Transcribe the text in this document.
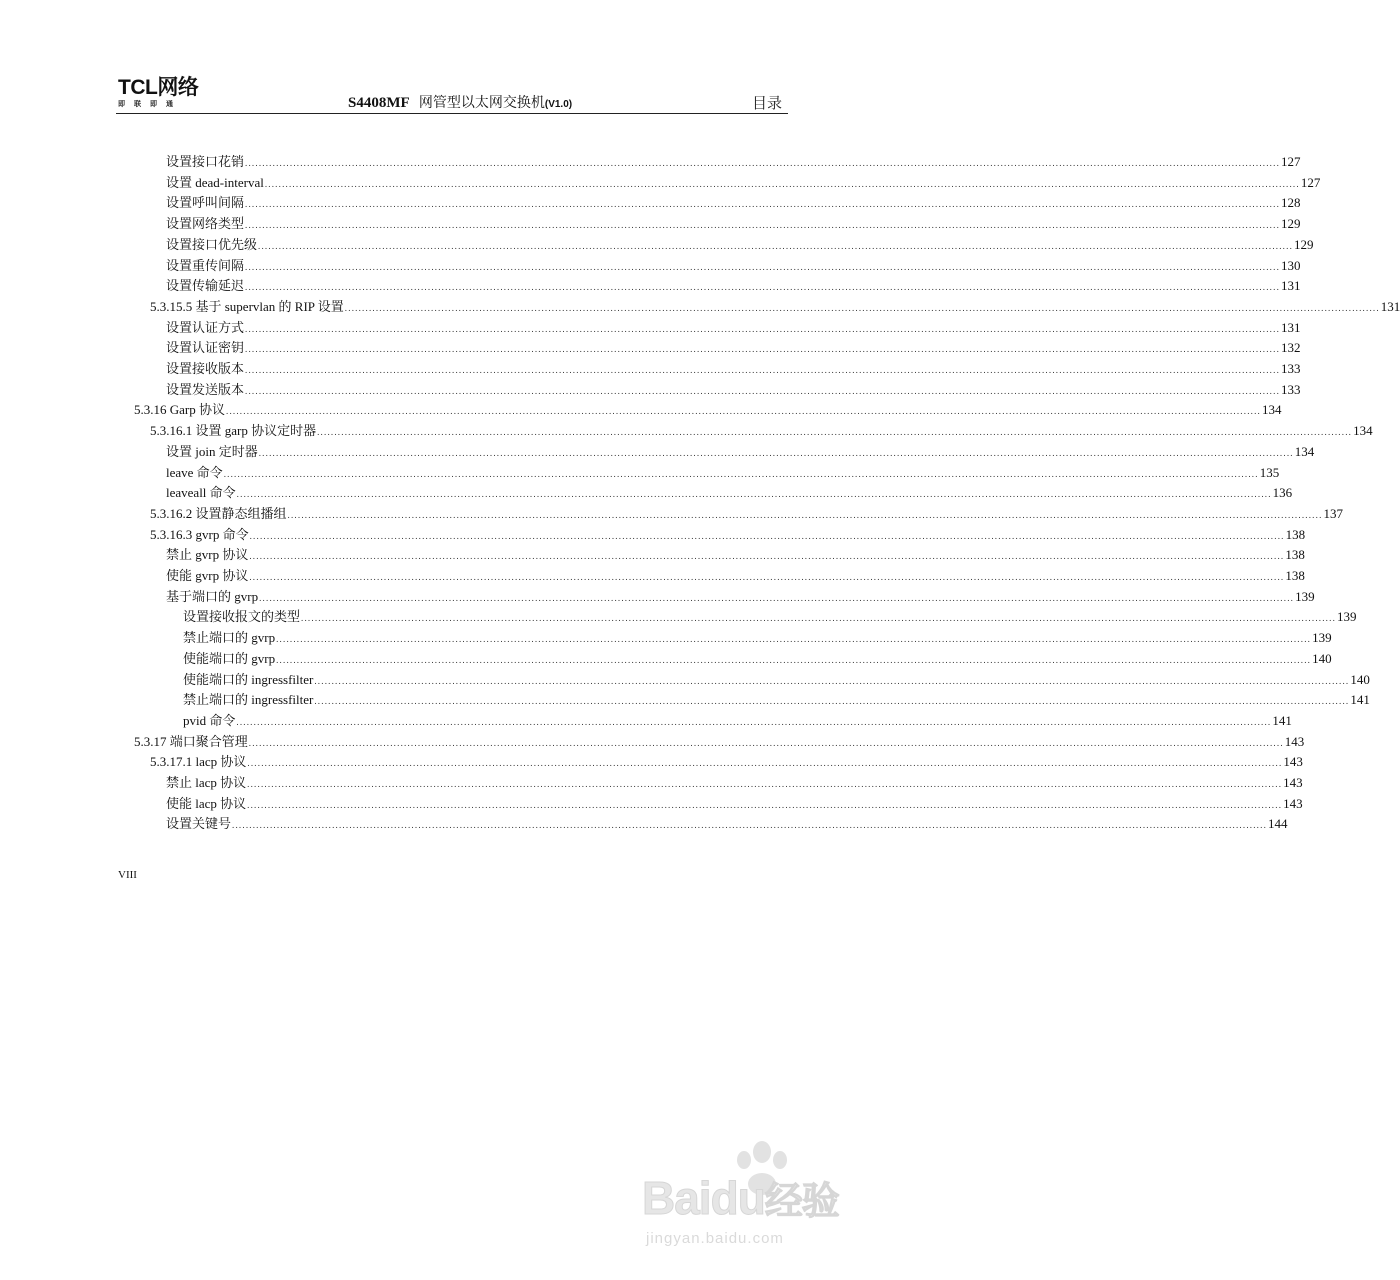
TCL网络
即联即通	S4408MF 网管型以太网交换机(V1.0)	目录
设置接口花销 ............................................................................................................................................................................................................................................................................................................ 127
设置 dead-interval ............................................................................................................................................................................................................................................................................................................ 127
设置呼叫间隔 ............................................................................................................................................................................................................................................................................................................ 128
设置网络类型 ............................................................................................................................................................................................................................................................................................................ 129
设置接口优先级 ............................................................................................................................................................................................................................................................................................................ 129
设置重传间隔 ............................................................................................................................................................................................................................................................................................................ 130
设置传输延迟 ............................................................................................................................................................................................................................................................................................................ 131
5.3.15.5 基于 supervlan 的 RIP 设置 ............................................................................................................................................................................................................................................................................................................ 131
设置认证方式 ............................................................................................................................................................................................................................................................................................................ 131
设置认证密钥 ............................................................................................................................................................................................................................................................................................................ 132
设置接收版本 ............................................................................................................................................................................................................................................................................................................ 133
设置发送版本 ............................................................................................................................................................................................................................................................................................................ 133
5.3.16 Garp 协议 ............................................................................................................................................................................................................................................................................................................ 134
5.3.16.1 设置 garp 协议定时器 ............................................................................................................................................................................................................................................................................................................ 134
设置 join 定时器 ............................................................................................................................................................................................................................................................................................................ 134
leave 命令 ............................................................................................................................................................................................................................................................................................................ 135
leaveall 命令 ............................................................................................................................................................................................................................................................................................................ 136
5.3.16.2 设置静态组播组 ............................................................................................................................................................................................................................................................................................................ 137
5.3.16.3 gvrp 命令 ............................................................................................................................................................................................................................................................................................................ 138
禁止 gvrp 协议 ............................................................................................................................................................................................................................................................................................................ 138
使能 gvrp 协议 ............................................................................................................................................................................................................................................................................................................ 138
基于端口的 gvrp ............................................................................................................................................................................................................................................................................................................ 139
设置接收报文的类型 ............................................................................................................................................................................................................................................................................................................ 139
禁止端口的 gvrp ............................................................................................................................................................................................................................................................................................................ 139
使能端口的 gvrp ............................................................................................................................................................................................................................................................................................................ 140
使能端口的 ingressfilter ............................................................................................................................................................................................................................................................................................................ 140
禁止端口的 ingressfilter ............................................................................................................................................................................................................................................................................................................ 141
pvid 命令 ............................................................................................................................................................................................................................................................................................................ 141
5.3.17 端口聚合管理 ............................................................................................................................................................................................................................................................................................................ 143
5.3.17.1 lacp 协议 ............................................................................................................................................................................................................................................................................................................ 143
禁止 lacp 协议 ............................................................................................................................................................................................................................................................................................................ 143
使能 lacp 协议 ............................................................................................................................................................................................................................................................................................................ 143
设置关键号 ............................................................................................................................................................................................................................................................................................................ 144
VIII
Baidu经验
jingyan.baidu.com
